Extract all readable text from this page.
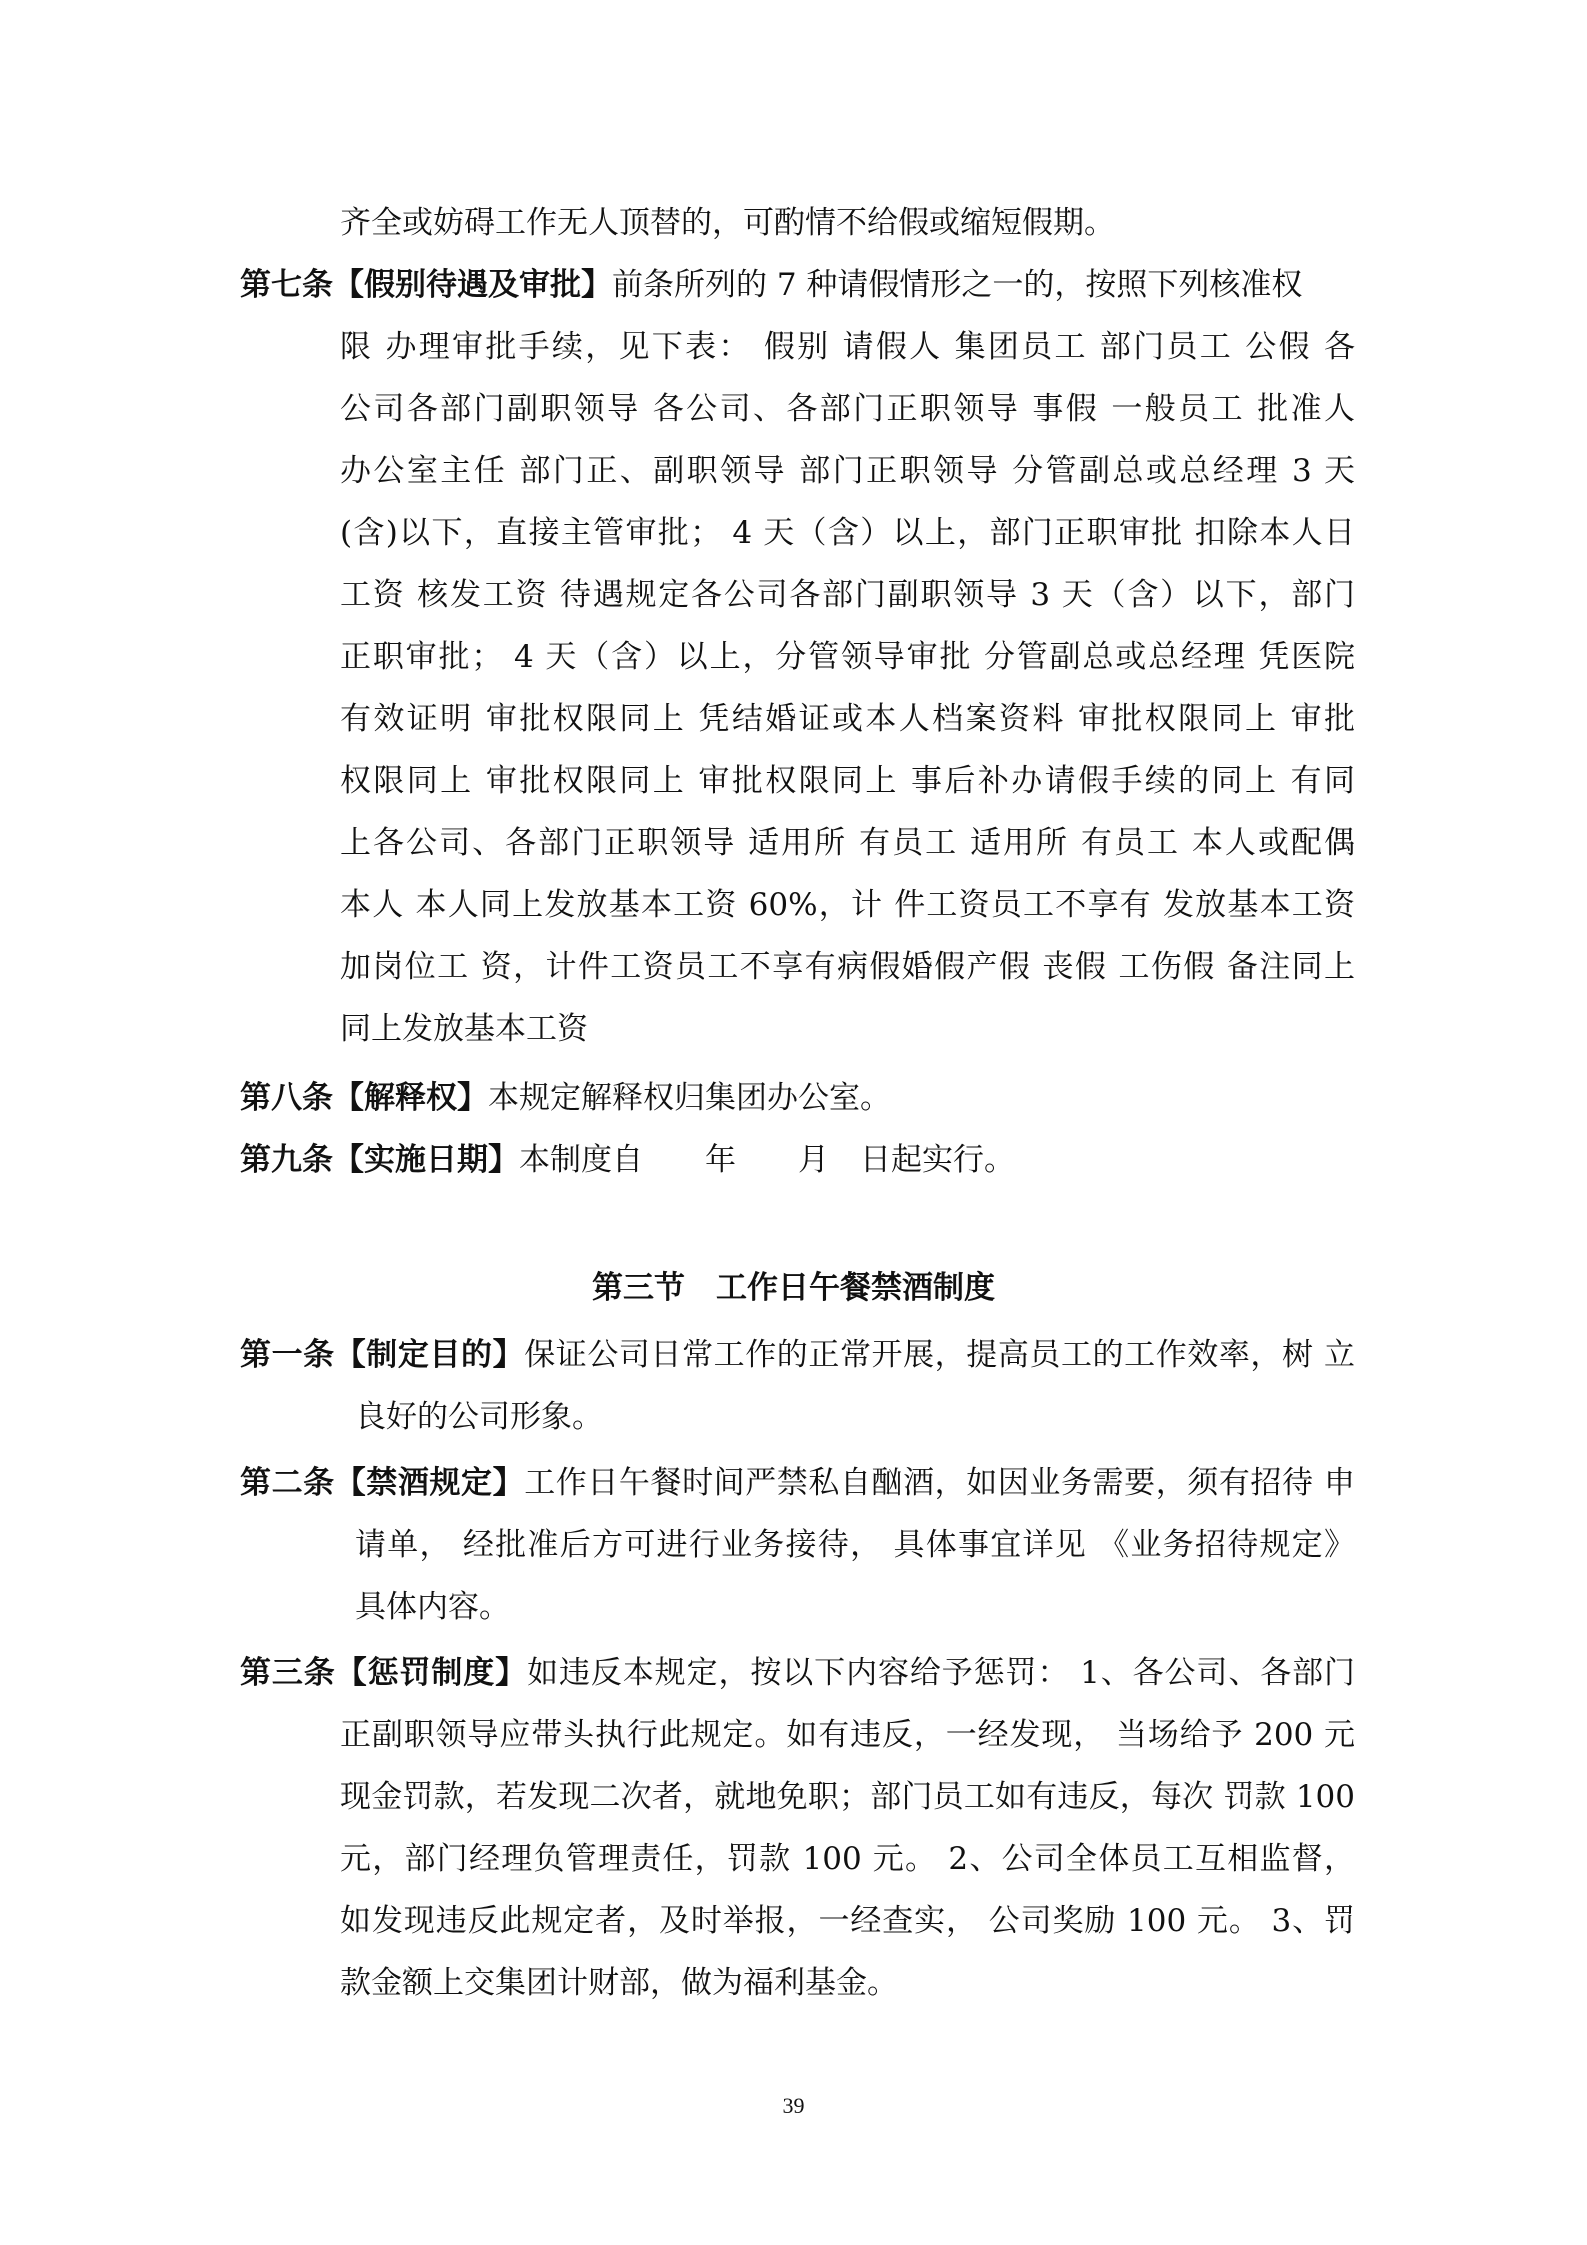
齐全或妨碍工作无人顶替的，可酌情不给假或缩短假期。
第七条【假别待遇及审批】前条所列的 7 种请假情形之一的，按照下列核准权
限 办理审批手续，见下表： 假别 请假人 集团员工 部门员工 公假 各
公司各部门副职领导 各公司、各部门正职领导 事假 一般员工 批准人
办公室主任 部门正、副职领导 部门正职领导 分管副总或总经理 3 天
(含)以下，直接主管审批； 4 天（含）以上，部门正职审批 扣除本人日
工资 核发工资 待遇规定各公司各部门副职领导 3 天（含）以下，部门
正职审批； 4 天（含）以上，分管领导审批 分管副总或总经理 凭医院
有效证明 审批权限同上 凭结婚证或本人档案资料 审批权限同上 审批
权限同上 审批权限同上 审批权限同上 事后补办请假手续的同上 有同
上各公司、各部门正职领导 适用所 有员工 适用所 有员工 本人或配偶
本人 本人同上发放基本工资 60%，计 件工资员工不享有 发放基本工资
加岗位工 资，计件工资员工不享有病假婚假产假 丧假 工伤假 备注同上
同上发放基本工资
第八条【解释权】本规定解释权归集团办公室。
第九条【实施日期】本制度自　　年　　月　日起实行。
第三节　工作日午餐禁酒制度
第一条【制定目的】保证公司日常工作的正常开展，提高员工的工作效率，树 立
良好的公司形象。
第二条【禁酒规定】工作日午餐时间严禁私自酗酒，如因业务需要，须有招待 申
请单， 经批准后方可进行业务接待， 具体事宜详见 《业务招待规定》
具体内容。
第三条【惩罚制度】如违反本规定，按以下内容给予惩罚： 1、各公司、各部门
正副职领导应带头执行此规定。如有违反，一经发现， 当场给予 200 元
现金罚款，若发现二次者，就地免职；部门员工如有违反，每次 罚款 100
元，部门经理负管理责任，罚款 100 元。 2、公司全体员工互相监督，
如发现违反此规定者，及时举报，一经查实， 公司奖励 100 元。 3、罚
款金额上交集团计财部，做为福利基金。
39
